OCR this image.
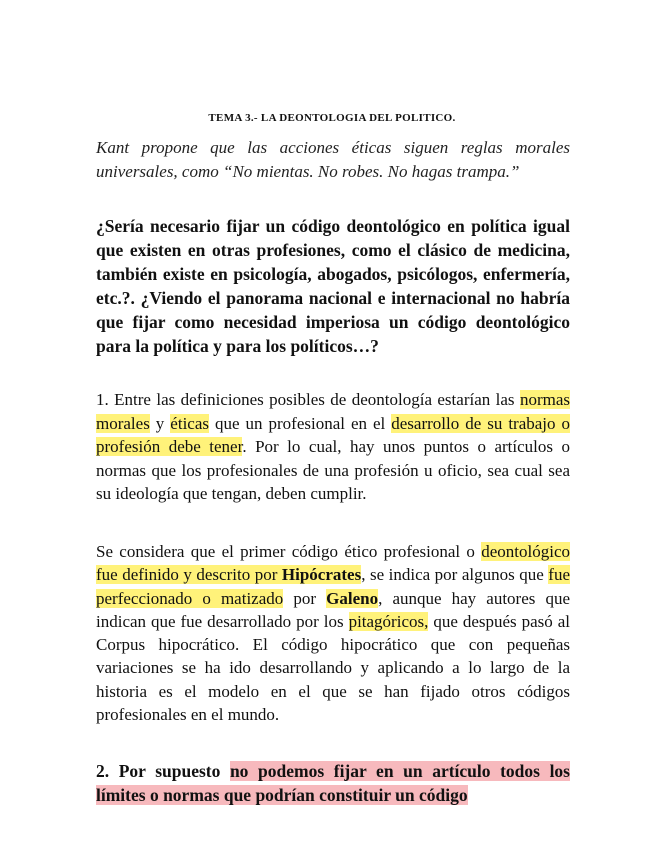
TEMA 3.- LA DEONTOLOGIA DEL POLITICO.
Kant propone que las acciones éticas siguen reglas morales universales, como “No mientas. No robes. No hagas trampa.”
¿Sería necesario fijar un código deontológico en política igual que existen en otras profesiones, como el clásico de medicina, también existe en psicología, abogados, psicólogos, enfermería, etc.?. ¿Viendo el panorama nacional e internacional no habría que fijar como necesidad imperiosa un código deontológico para la política y para los políticos…?
1. Entre las definiciones posibles de deontología estarían las normas morales y éticas que un profesional en el desarrollo de su trabajo o profesión debe tener. Por lo cual, hay unos puntos o artículos o normas que los profesionales de una profesión u oficio, sea cual sea su ideología que tengan, deben cumplir.
Se considera que el primer código ético profesional o deontológico fue definido y descrito por Hipócrates, se indica por algunos que fue perfeccionado o matizado por Galeno, aunque hay autores que indican que fue desarrollado por los pitagóricos, que después pasó al Corpus hipocrático. El código hipocrático que con pequeñas variaciones se ha ido desarrollando y aplicando a lo largo de la historia es el modelo en el que se han fijado otros códigos profesionales en el mundo.
2. Por supuesto no podemos fijar en un artículo todos los límites o normas que podrían constituir un código
